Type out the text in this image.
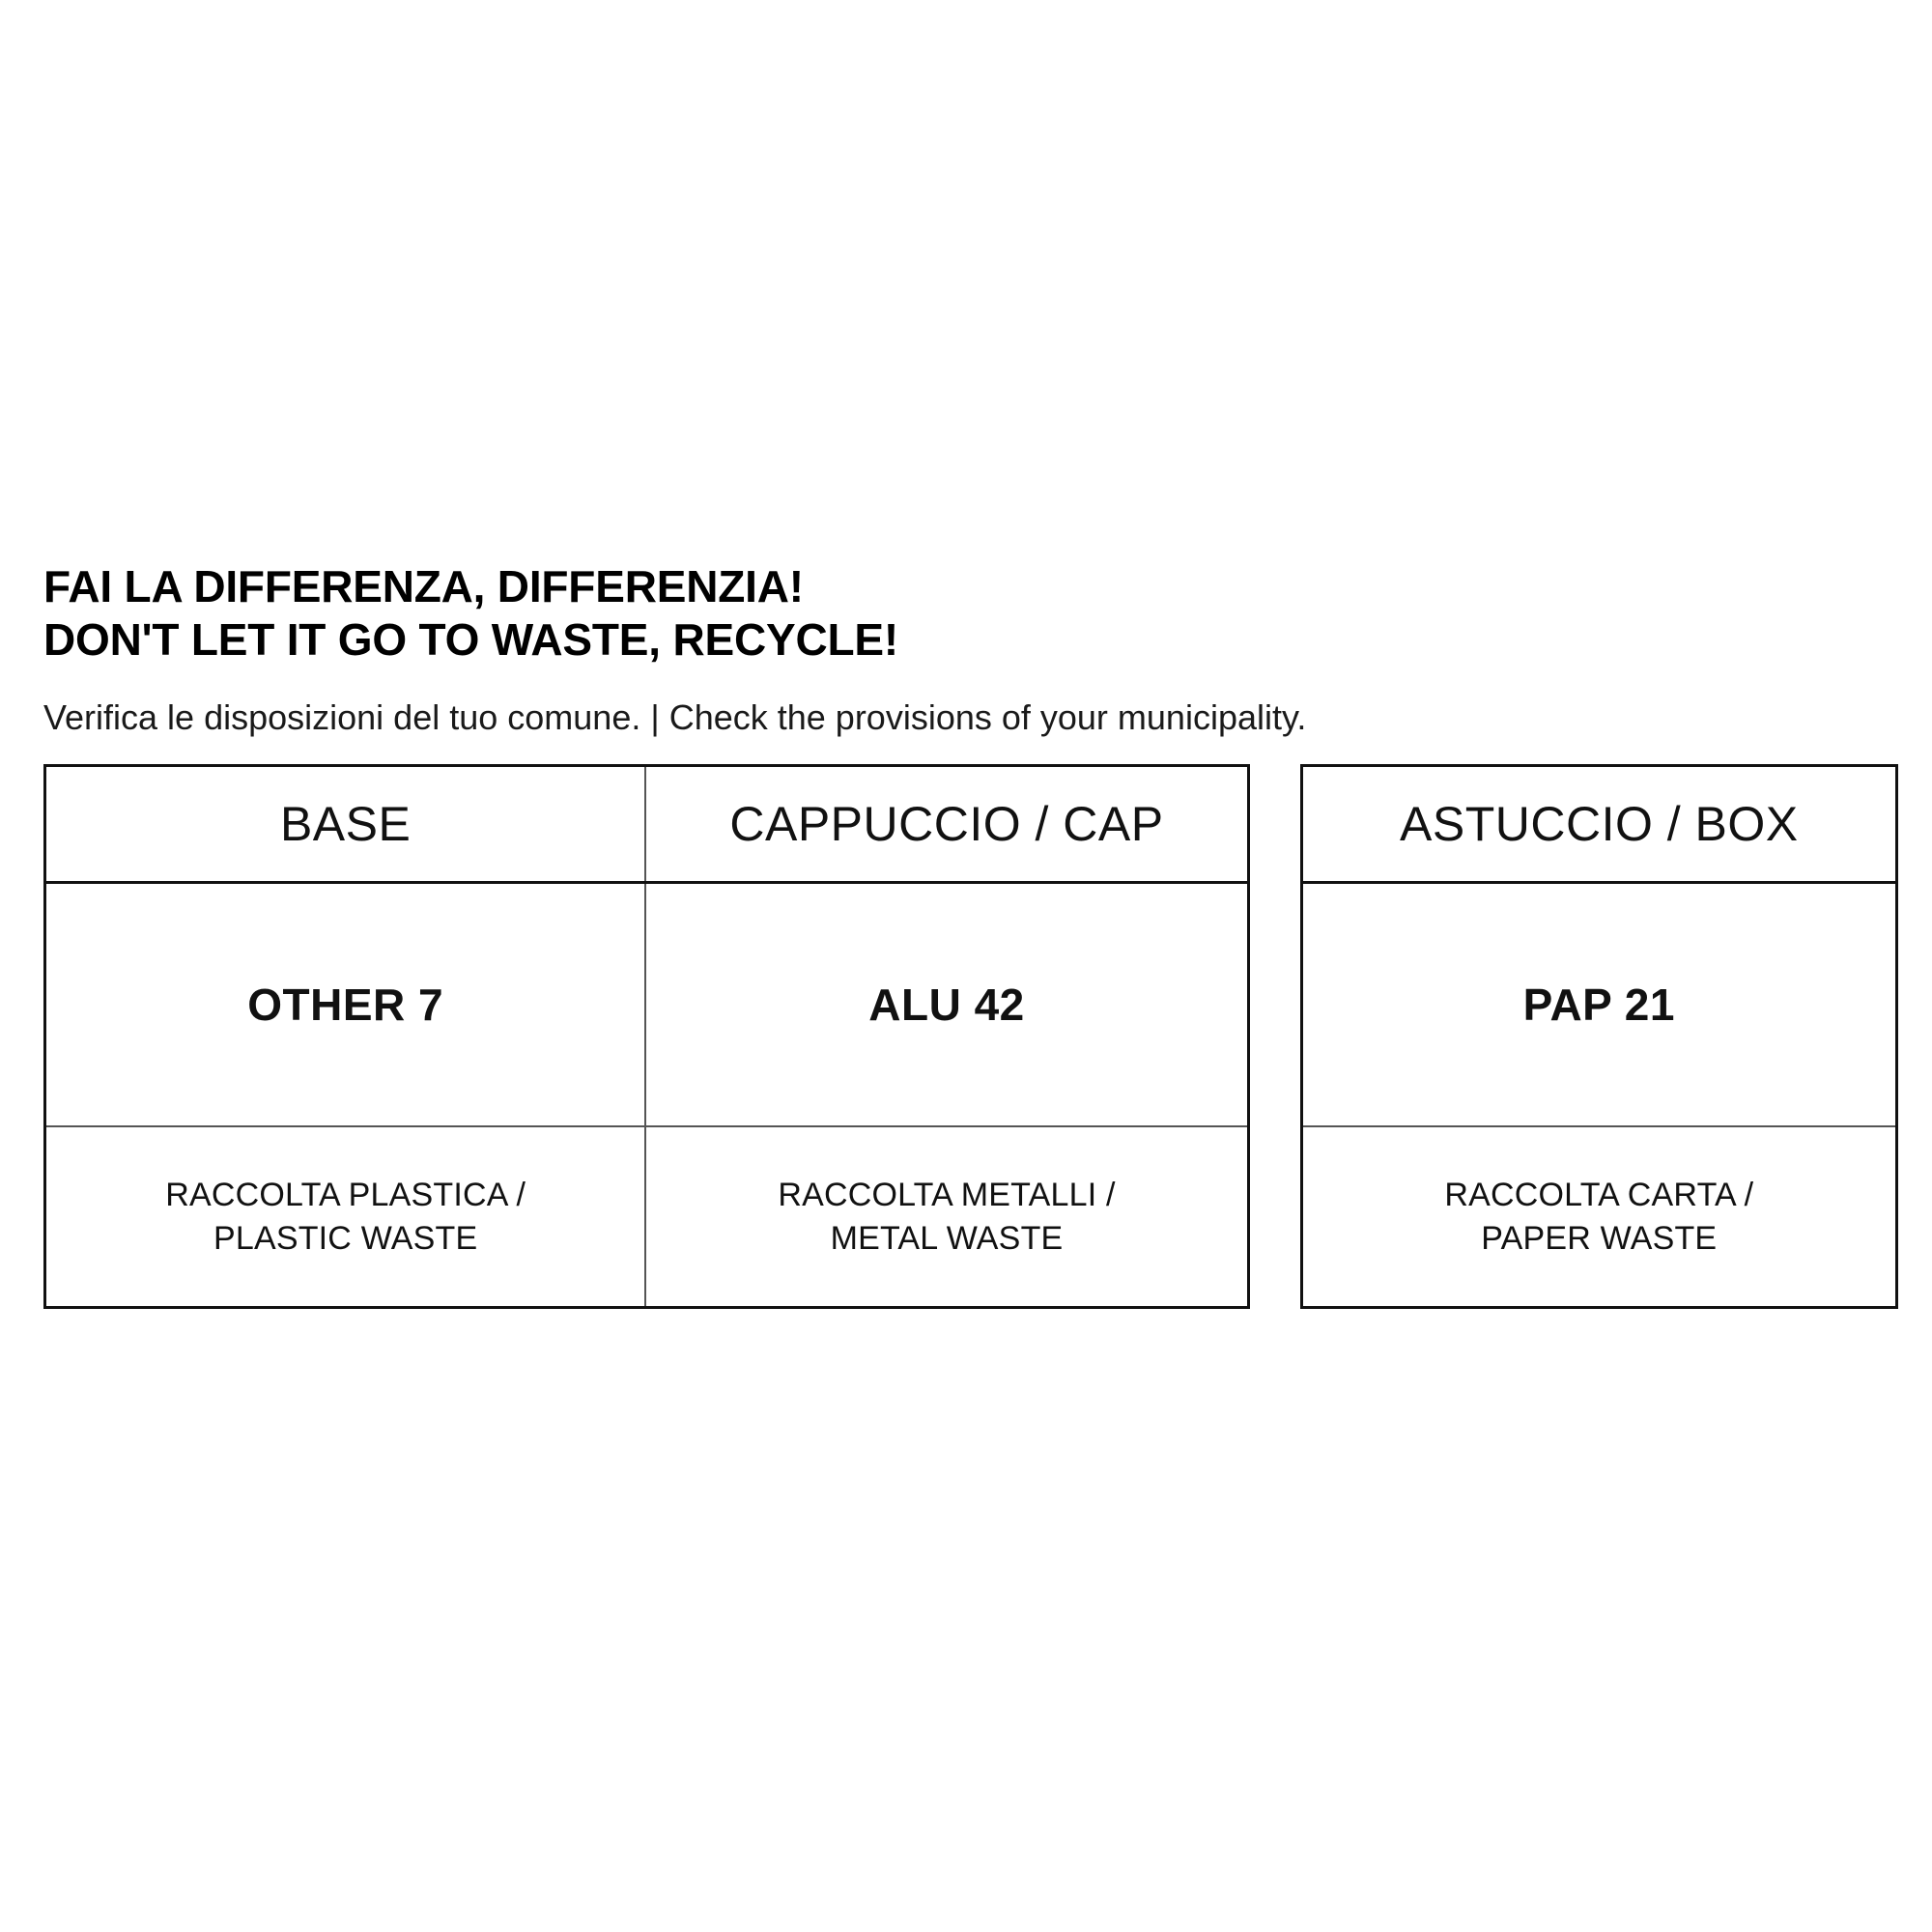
FAI LA DIFFERENZA, DIFFERENZIA!
DON'T LET IT GO TO WASTE, RECYCLE!
Verifica le disposizioni del tuo comune. | Check the provisions of your municipality.
BASE	CAPPUCCIO / CAP
OTHER 7	ALU 42
RACCOLTA PLASTICA /
PLASTIC WASTE
RACCOLTA METALLI /
METAL WASTE
ASTUCCIO / BOX
PAP 21
RACCOLTA CARTA /
PAPER WASTE
